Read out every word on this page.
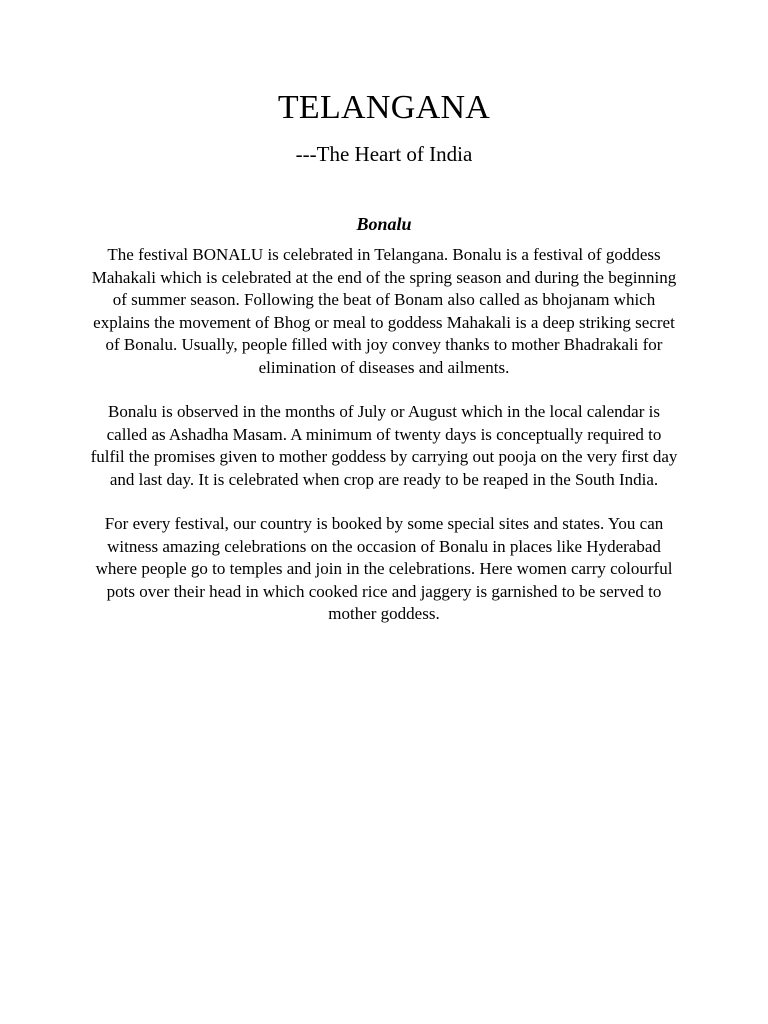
TELANGANA
---The Heart of India
Bonalu

The festival BONALU is celebrated in Telangana. Bonalu is a festival of goddess Mahakali which is celebrated at the end of the spring season and during the beginning of summer season. Following the beat of Bonam also called as bhojanam which explains the movement of Bhog or meal to goddess Mahakali is a deep striking secret of Bonalu. Usually, people filled with joy convey thanks to mother Bhadrakali for elimination of diseases and ailments.

Bonalu is observed in the months of July or August which in the local calendar is called as Ashadha Masam. A minimum of twenty days is conceptually required to fulfil the promises given to mother goddess by carrying out pooja on the very first day and last day. It is celebrated when crop are ready to be reaped in the South India.

For every festival, our country is booked by some special sites and states. You can witness amazing celebrations on the occasion of Bonalu in places like Hyderabad where people go to temples and join in the celebrations. Here women carry colourful pots over their head in which cooked rice and jaggery is garnished to be served to mother goddess.
